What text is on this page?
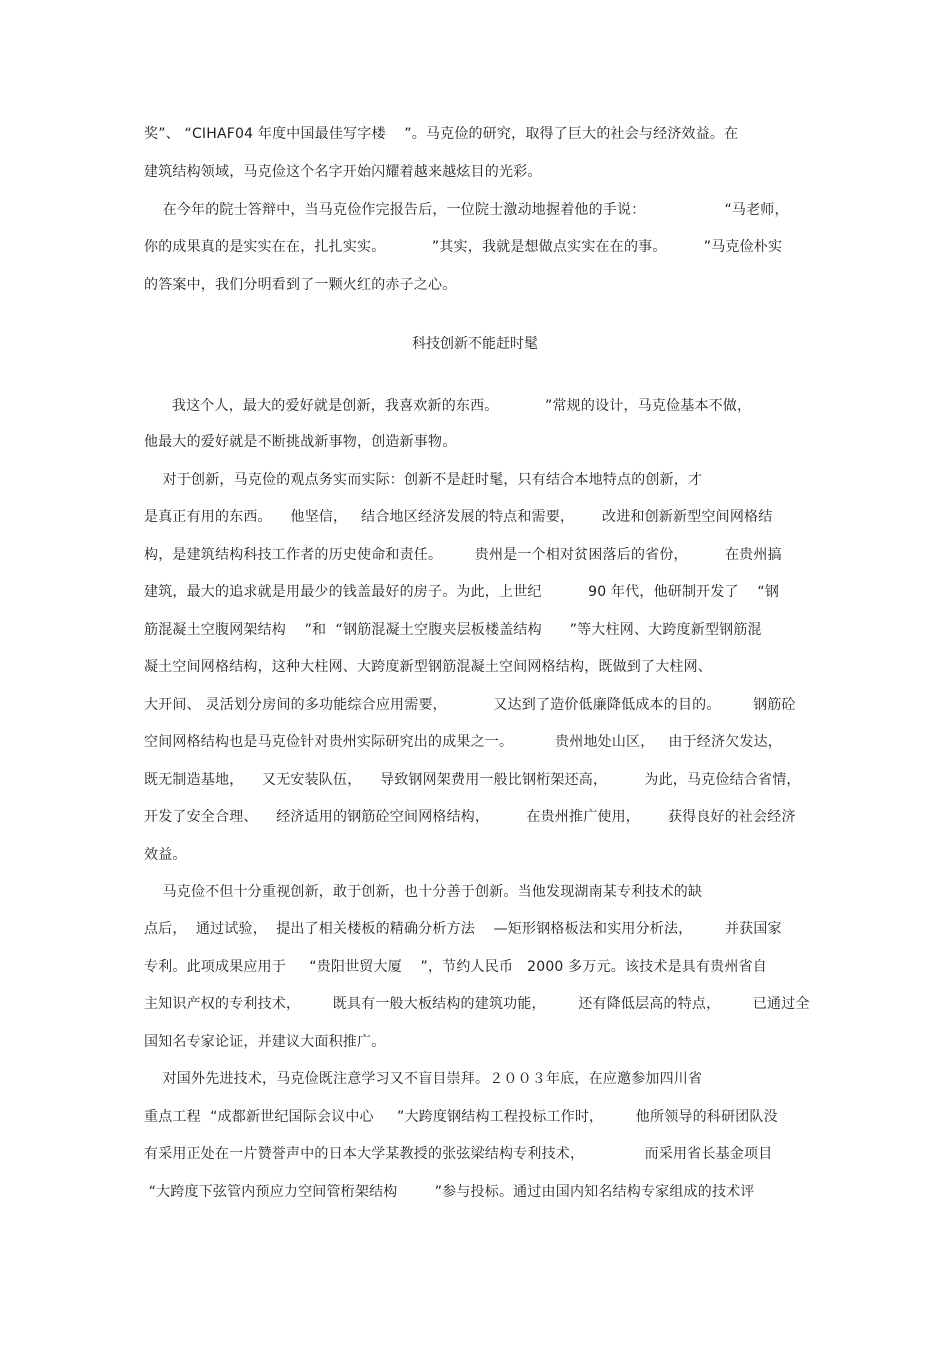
奖”、 “CIHAF04 年度中国最佳写字楼    ”。马克俭的研究，取得了巨大的社会与经济效益。在
建筑结构领域，马克俭这个名字开始闪耀着越来越炫目的光彩。
在今年的院士答辩中，当马克俭作完报告后，一位院士激动地握着他的手说：                 “马老师，
你的成果真的是实实在在，扎扎实实。          ”其实，我就是想做点实实在在的事。        ”马克俭朴实
的答案中，我们分明看到了一颗火红的赤子之心。
科技创新不能赶时髦
我这个人，最大的爱好就是创新，我喜欢新的东西。          ”常规的设计，马克俭基本不做，
他最大的爱好就是不断挑战新事物，创造新事物。
对于创新，马克俭的观点务实而实际：创新不是赶时髦，只有结合本地特点的创新，才
是真正有用的东西。    他坚信，   结合地区经济发展的特点和需要，      改进和创新新型空间网格结
构，是建筑结构科技工作者的历史使命和责任。       贵州是一个相对贫困落后的省份，        在贵州搞
建筑，最大的追求就是用最少的钱盖最好的房子。为此，上世纪          90 年代，他研制开发了    “钢
筋混凝土空腹网架结构    ”和  “钢筋混凝土空腹夹层板楼盖结构      ”等大柱网、大跨度新型钢筋混
凝土空间网格结构，这种大柱网、大跨度新型钢筋混凝土空间网格结构，既做到了大柱网、
大开间、 灵活划分房间的多功能综合应用需要，          又达到了造价低廉降低成本的目的。       钢筋砼
空间网格结构也是马克俭针对贵州实际研究出的成果之一。         贵州地处山区，   由于经济欠发达，
既无制造基地，    又无安装队伍，    导致钢网架费用一般比钢桁架还高，        为此，马克俭结合省情，
开发了安全合理、    经济适用的钢筋砼空间网格结构，        在贵州推广使用，      获得良好的社会经济
效益。
马克俭不但十分重视创新，敢于创新，也十分善于创新。当他发现湖南某专利技术的缺
点后，  通过试验，  提出了相关楼板的精确分析方法    —矩形钢格板法和实用分析法，       并获国家
专利。此项成果应用于     “贵阳世贸大厦    ”，节约人民币   2000 多万元。该技术是具有贵州省自
主知识产权的专利技术，       既具有一般大板结构的建筑功能，       还有降低层高的特点，       已通过全
国知名专家论证，并建议大面积推广。
对国外先进技术，马克俭既注意学习又不盲目崇拜。２００３年底，在应邀参加四川省
重点工程  “成都新世纪国际会议中心     ”大跨度钢结构工程投标工作时，       他所领导的科研团队没
有采用正处在一片赞誉声中的日本大学某教授的张弦梁结构专利技术，             而采用省长基金项目
“大跨度下弦管内预应力空间管桁架结构        ”参与投标。通过由国内知名结构专家组成的技术评
